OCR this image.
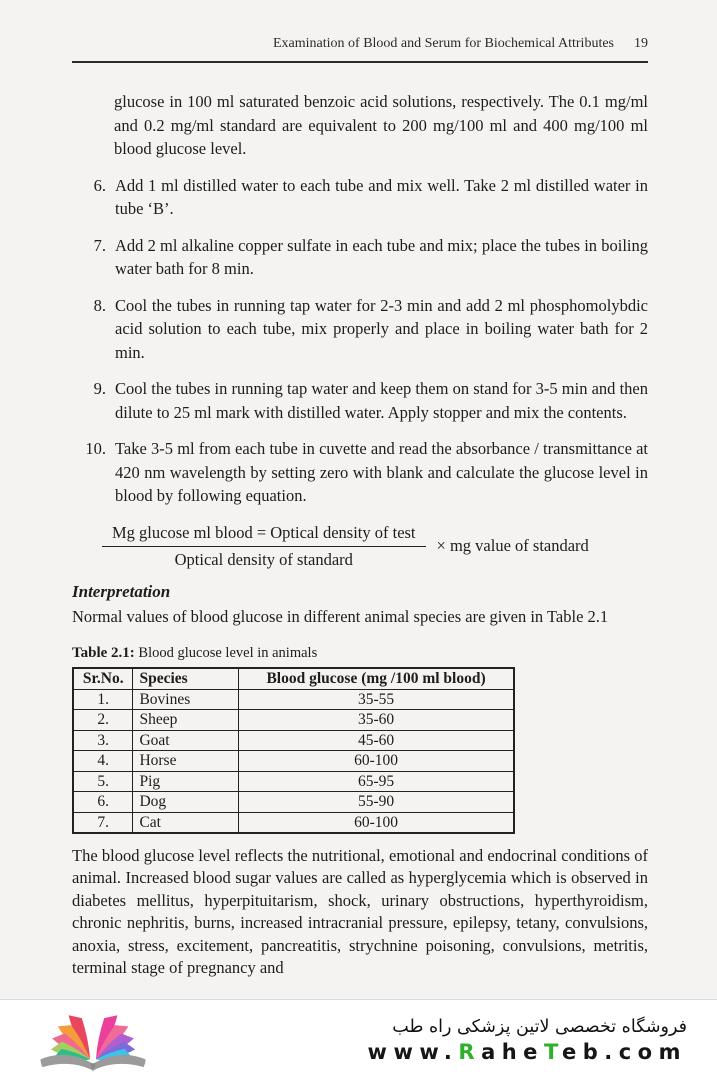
Examination of Blood and Serum for Biochemical Attributes 19
glucose in 100 ml saturated benzoic acid solutions, respectively. The 0.1 mg/ml and 0.2 mg/ml standard are equivalent to 200 mg/100 ml and 400 mg/100 ml blood glucose level.
6. Add 1 ml distilled water to each tube and mix well. Take 2 ml distilled water in tube ‘B’.
7. Add 2 ml alkaline copper sulfate in each tube and mix; place the tubes in boiling water bath for 8 min.
8. Cool the tubes in running tap water for 2-3 min and add 2 ml phosphomolybdic acid solution to each tube, mix properly and place in boiling water bath for 2 min.
9. Cool the tubes in running tap water and keep them on stand for 3-5 min and then dilute to 25 ml mark with distilled water. Apply stopper and mix the contents.
10. Take 3-5 ml from each tube in cuvette and read the absorbance / transmittance at 420 nm wavelength by setting zero with blank and calculate the glucose level in blood by following equation.
$\frac{\text{Mg glucose ml blood = Optical density of test}}{\text{Optical density of standard}}$ × mg value of standard
Interpretation
Normal values of blood glucose in different animal species are given in Table 2.1
Table 2.1: Blood glucose level in animals
Sr.No.	Species	Blood glucose (mg /100 ml blood)
1.	Bovines	35-55
2.	Sheep	35-60
3.	Goat	45-60
4.	Horse	60-100
5.	Pig	65-95
6.	Dog	55-90
7.	Cat	60-100
The blood glucose level reflects the nutritional, emotional and endocrinal conditions of animal. Increased blood sugar values are called as hyperglycemia which is observed in diabetes mellitus, hyperpituitarism, shock, urinary obstructions, hyperthyroidism, chronic nephritis, burns, increased intracranial pressure, epilepsy, tetany, convulsions, anoxia, stress, excitement, pancreatitis, strychnine poisoning, convulsions, metritis, terminal stage of pregnancy and
فروشگاه تخصصی لاتین پزشکی راه طب
www.RaheTeb.com
